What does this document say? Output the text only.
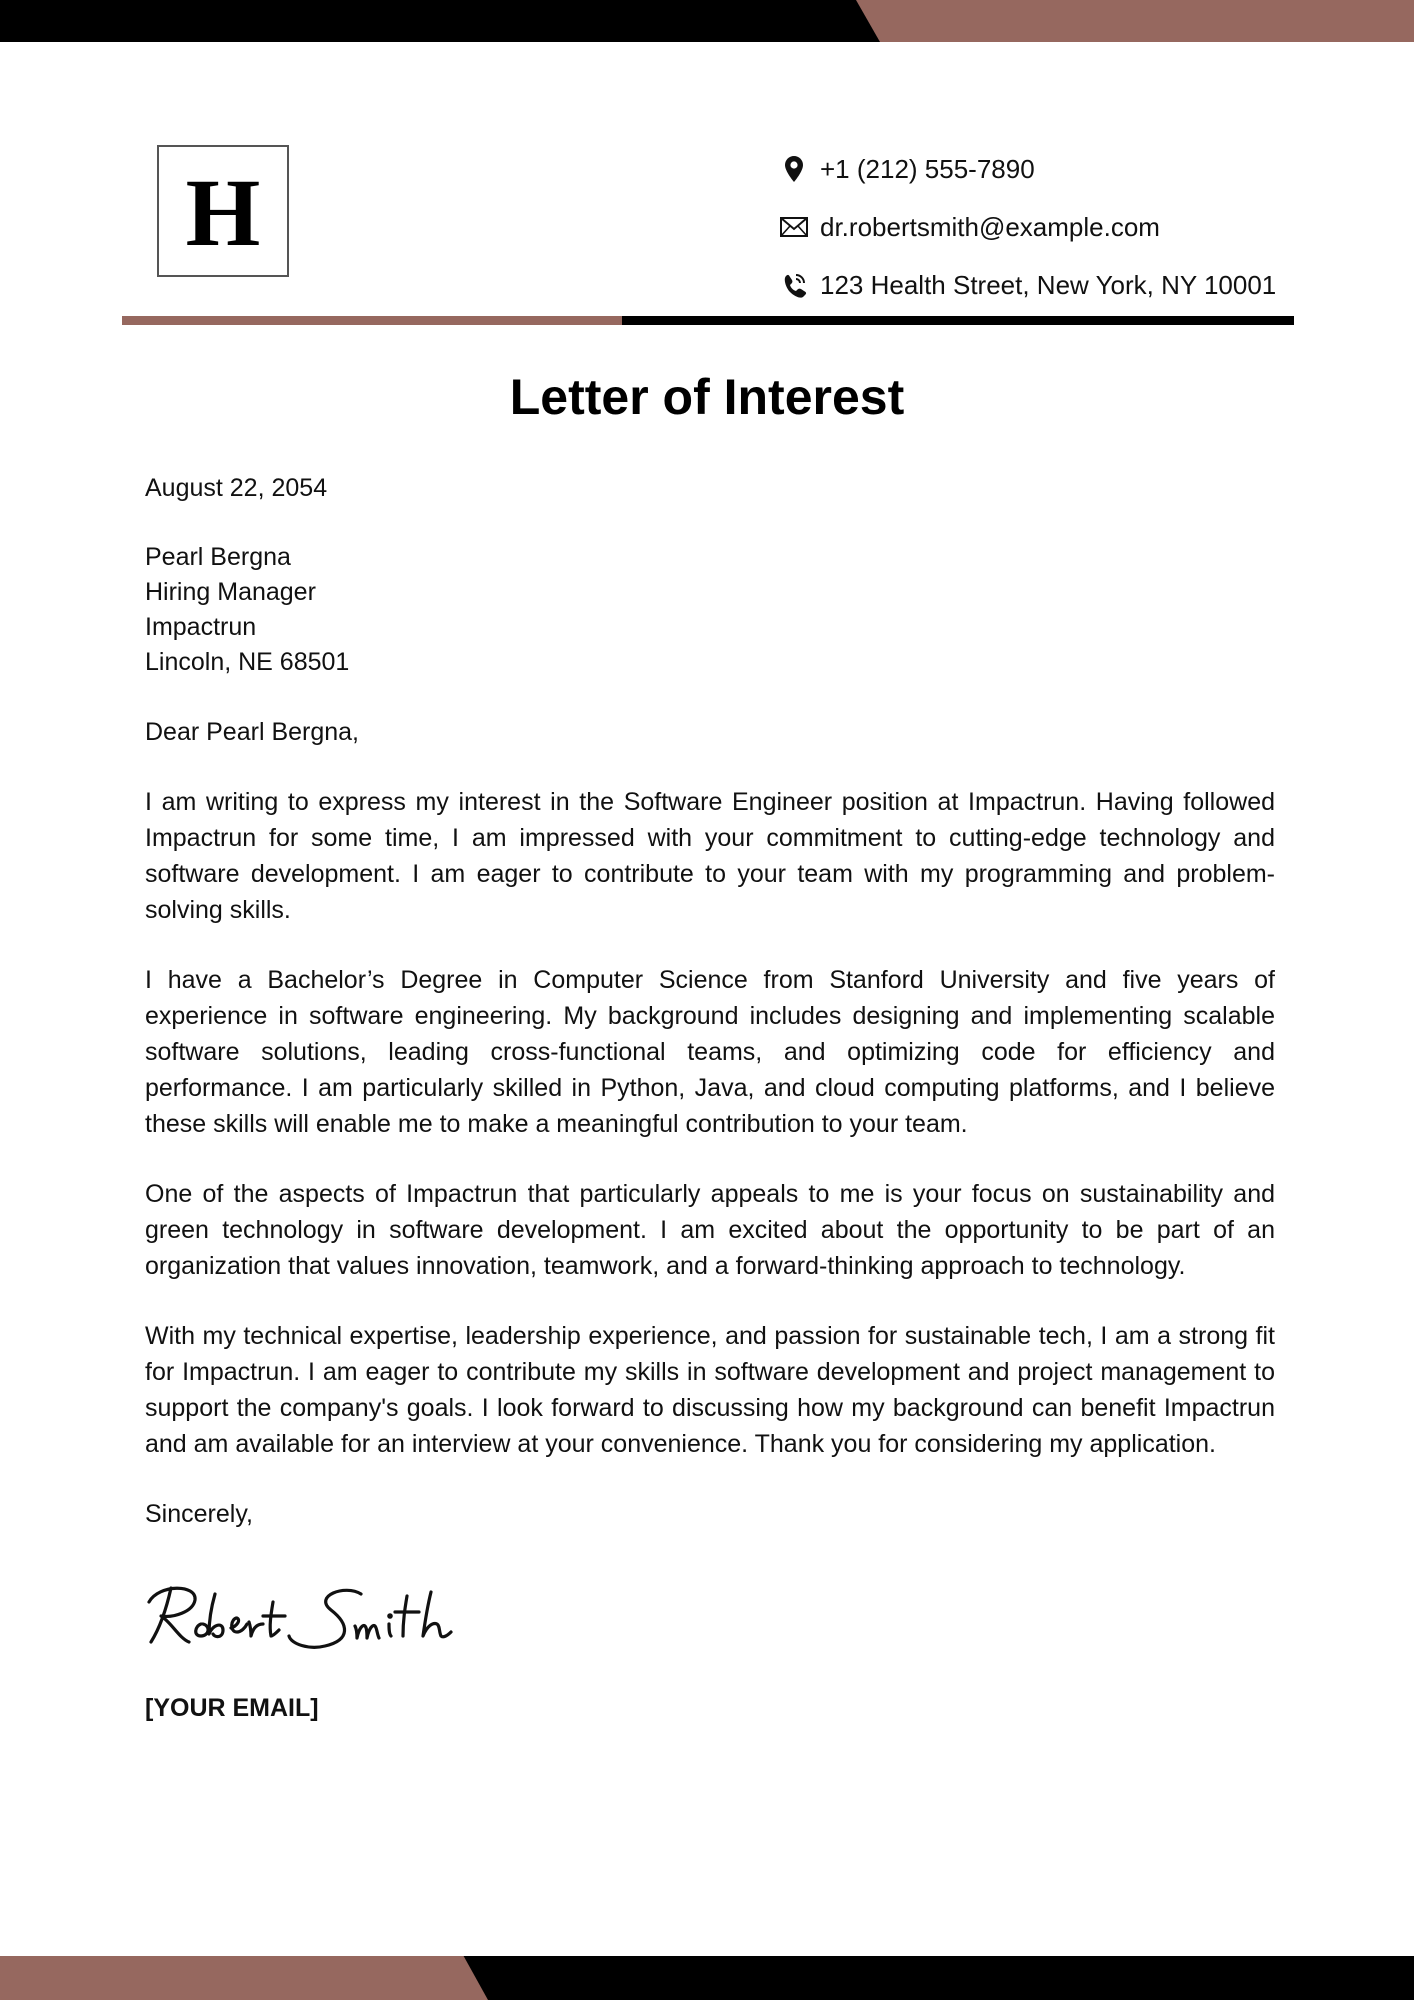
H	+1 (212) 555-7890
dr.robertsmith@example.com
123 Health Street, New York, NY 10001
Letter of Interest

August 22, 2054

Pearl Bergna
Hiring Manager
Impactrun
Lincoln, NE 68501

Dear Pearl Bergna,

I am writing to express my interest in the Software Engineer position at Impactrun. Having followed Impactrun for some time, I am impressed with your commitment to cutting-edge technology and software development. I am eager to contribute to your team with my programming and problem-solving skills.

I have a Bachelor’s Degree in Computer Science from Stanford University and five years of experience in software engineering. My background includes designing and implementing scalable software solutions, leading cross-functional teams, and optimizing code for efficiency and performance. I am particularly skilled in Python, Java, and cloud computing platforms, and I believe these skills will enable me to make a meaningful contribution to your team.

One of the aspects of Impactrun that particularly appeals to me is your focus on sustainability and green technology in software development. I am excited about the opportunity to be part of an organization that values innovation, teamwork, and a forward-thinking approach to technology.

With my technical expertise, leadership experience, and passion for sustainable tech, I am a strong fit for Impactrun. I am eager to contribute my skills in software development and project management to support the company's goals. I look forward to discussing how my background can benefit Impactrun and am available for an interview at your convenience. Thank you for considering my application.

Sincerely,

[YOUR EMAIL]
